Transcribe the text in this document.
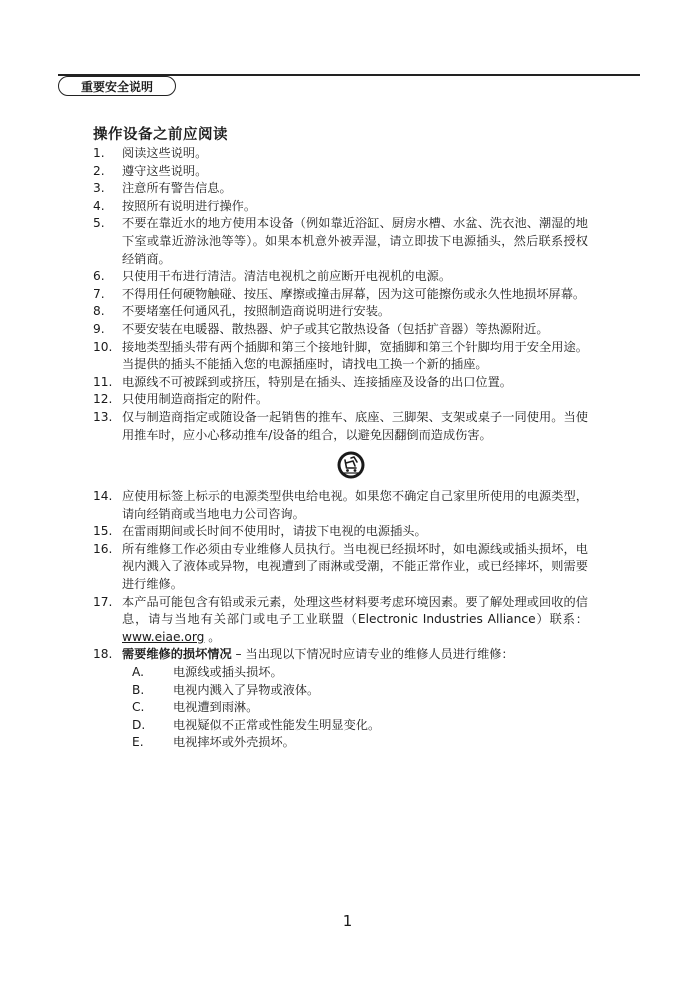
重要安全说明
操作设备之前应阅读
1.	阅读这些说明。
2.	遵守这些说明。
3.	注意所有警告信息。
4.	按照所有说明进行操作。
5.	不要在靠近水的地方使用本设备（例如靠近浴缸、厨房水槽、水盆、洗衣池、潮湿的地下室或靠近游泳池等等）。如果本机意外被弄湿，请立即拔下电源插头，然后联系授权经销商。
6.	只使用干布进行清洁。清洁电视机之前应断开电视机的电源。
7.	不得用任何硬物触碰、按压、摩擦或撞击屏幕，因为这可能擦伤或永久性地损坏屏幕。
8.	不要堵塞任何通风孔，按照制造商说明进行安装。
9.	不要安装在电暖器、散热器、炉子或其它散热设备（包括扩音器）等热源附近。
10. 接地类型插头带有两个插脚和第三个接地针脚，宽插脚和第三个针脚均用于安全用途。当提供的插头不能插入您的电源插座时，请找电工换一个新的插座。
11. 电源线不可被踩到或挤压，特别是在插头、连接插座及设备的出口位置。
12. 只使用制造商指定的附件。
13. 仅与制造商指定或随设备一起销售的推车、底座、三脚架、支架或桌子一同使用。当使用推车时，应小心移动推车/设备的组合，以避免因翻倒而造成伤害。
14. 应使用标签上标示的电源类型供电给电视。如果您不确定自己家里所使用的电源类型，请向经销商或当地电力公司咨询。
15. 在雷雨期间或长时间不使用时，请拔下电视的电源插头。
16. 所有维修工作必须由专业维修人员执行。当电视已经损坏时，如电源线或插头损坏，电视内溅入了液体或异物，电视遭到了雨淋或受潮，不能正常作业，或已经摔坏，则需要进行维修。
17. 本产品可能包含有铅或汞元素，处理这些材料要考虑环境因素。要了解处理或回收的信息，请与当地有关部门或电子工业联盟（Electronic Industries Alliance）联系：www.eiae.org 。
18. 需要维修的损坏情况 – 当出现以下情况时应请专业的维修人员进行维修：
A.	电源线或插头损坏。
B.	电视内溅入了异物或液体。
C.	电视遭到雨淋。
D.	电视疑似不正常或性能发生明显变化。
E.	电视摔坏或外壳损坏。
1
